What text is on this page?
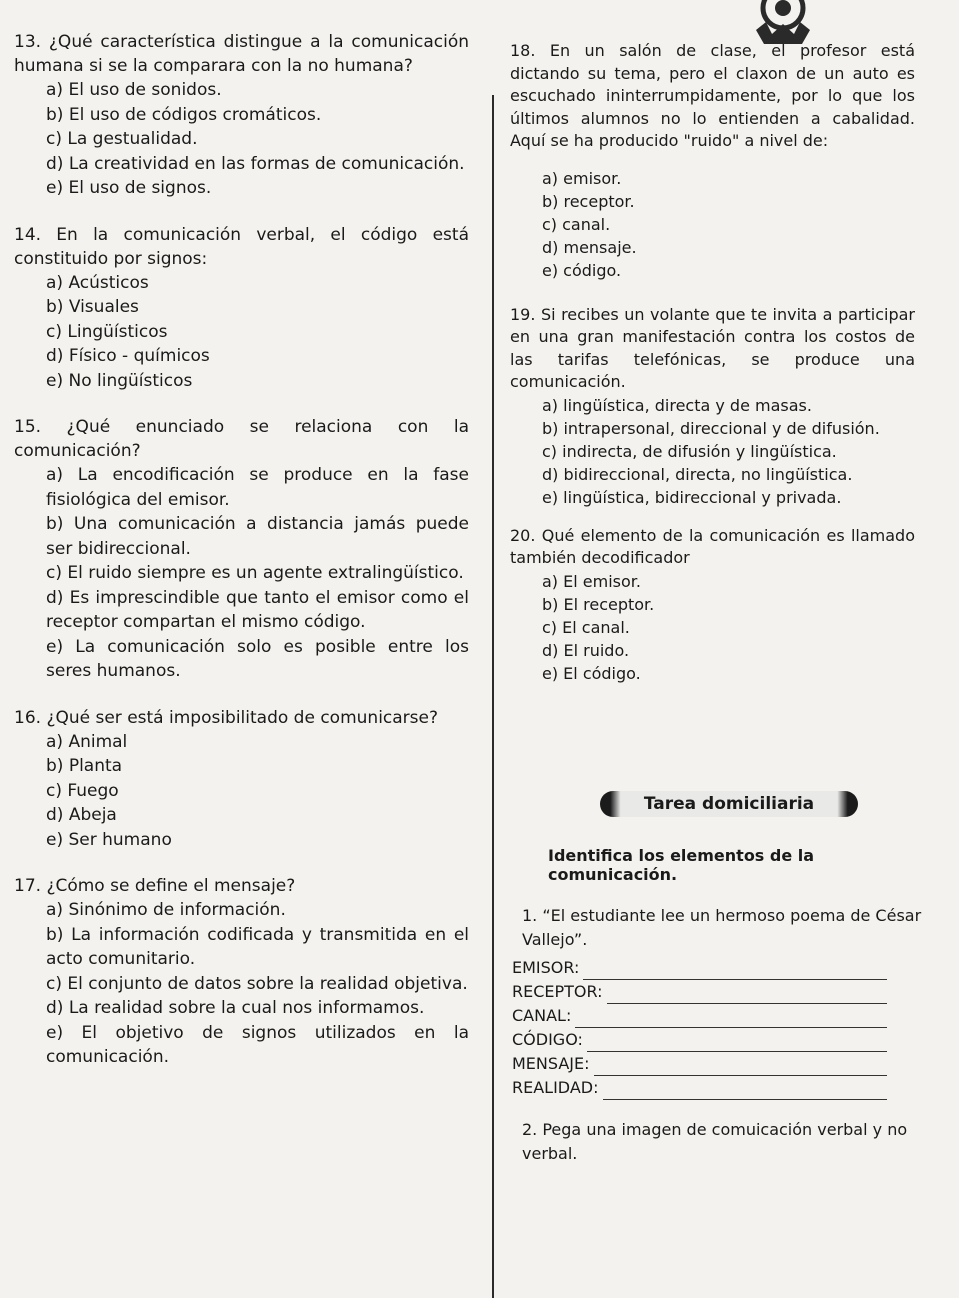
13. ¿Qué característica distingue a la comunicación humana si se la comparara con la no humana?
a) El uso de sonidos.
b) El uso de códigos cromáticos.
c) La gestualidad.
d) La creatividad en las formas de comunicación.
e) El uso de signos.
14. En la comunicación verbal, el código está constituido por signos:
a) Acústicos
b) Visuales
c) Lingüísticos
d) Físico - químicos
e) No lingüísticos
15. ¿Qué enunciado se relaciona con la comunicación?
a) La encodificación se produce en la fase fisiológica del emisor.
b) Una comunicación a distancia jamás puede ser bidireccional.
c) El ruido siempre es un agente extralingüístico.
d) Es imprescindible que tanto el emisor como el receptor compartan el mismo código.
e) La comunicación solo es posible entre los seres humanos.
16. ¿Qué ser está imposibilitado de comunicarse?
a) Animal
b) Planta
c) Fuego
d) Abeja
e) Ser humano
17. ¿Cómo se define el mensaje?
a) Sinónimo de información.
b) La información codificada y transmitida en el acto comunitario.
c) El conjunto de datos sobre la realidad objetiva.
d) La realidad sobre la cual nos informamos.
e) El objetivo de signos utilizados en la comunicación.
18. En un salón de clase, el profesor está dictando su tema, pero el claxon de un auto es escuchado ininterrumpidamente, por lo que los últimos alumnos no lo entienden a cabalidad. Aquí se ha producido "ruido" a nivel de:
a) emisor.
b) receptor.
c) canal.
d) mensaje.
e) código.
19. Si recibes un volante que te invita a participar en una gran manifestación contra los costos de las tarifas telefónicas, se produce una comunicación.
a) lingüística, directa y de masas.
b) intrapersonal, direccional y de difusión.
c) indirecta, de difusión y lingüística.
d) bidireccional, directa, no lingüística.
e) lingüística, bidireccional y privada.
20. Qué elemento de la comunicación es llamado también decodificador
a) El emisor.
b) El receptor.
c) El canal.
d) El ruido.
e) El código.
Tarea domiciliaria
Identifica los elementos de la comunicación.
1. “El estudiante lee un hermoso poema de César Vallejo”.
EMISOR:
RECEPTOR:
CANAL:
CÓDIGO:
MENSAJE:
REALIDAD:
2. Pega una imagen de comuicación verbal y no verbal.
